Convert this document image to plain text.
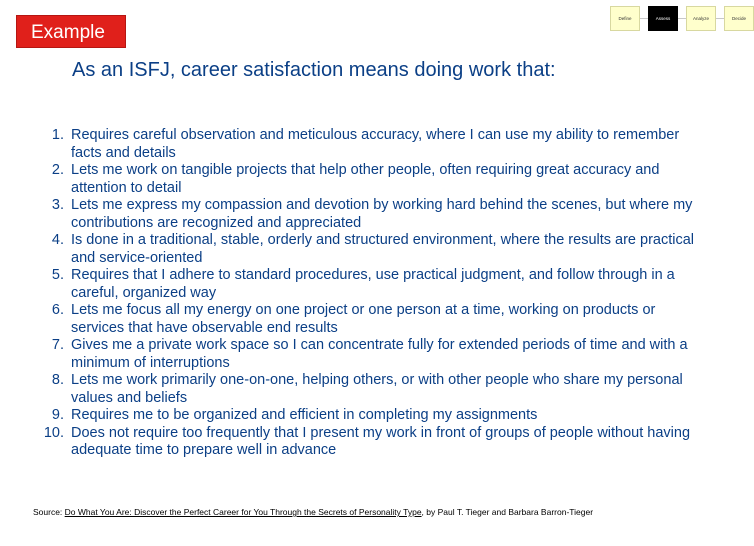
Example
Define	Assess	Analyze	Decide
As an ISFJ, career satisfaction means doing work that:
1. Requires careful observation and meticulous accuracy, where I can use my ability to remember facts and details
2. Lets me work on tangible projects that help other people, often requiring great accuracy and attention to detail
3. Lets me express my compassion and devotion by working hard behind the scenes, but where my contributions are recognized and appreciated
4. Is done in a traditional, stable, orderly and structured environment, where the results are practical and service-oriented
5. Requires that I adhere to standard procedures, use practical judgment, and follow through in a careful, organized way
6. Lets me focus all my energy on one project or one person at a time, working on products or services that have observable end results
7. Gives me a private work space so I can concentrate fully for extended periods of time and with a minimum of interruptions
8. Lets me work primarily one-on-one, helping others, or with other people who share my personal values and beliefs
9. Requires me to be organized and efficient in completing my assignments
10. Does not require too frequently that I present my work in front of groups of people without having adequate time to prepare well in advance
Source: Do What You Are: Discover the Perfect Career for You Through the Secrets of Personality Type, by Paul T. Tieger and Barbara Barron-Tieger
